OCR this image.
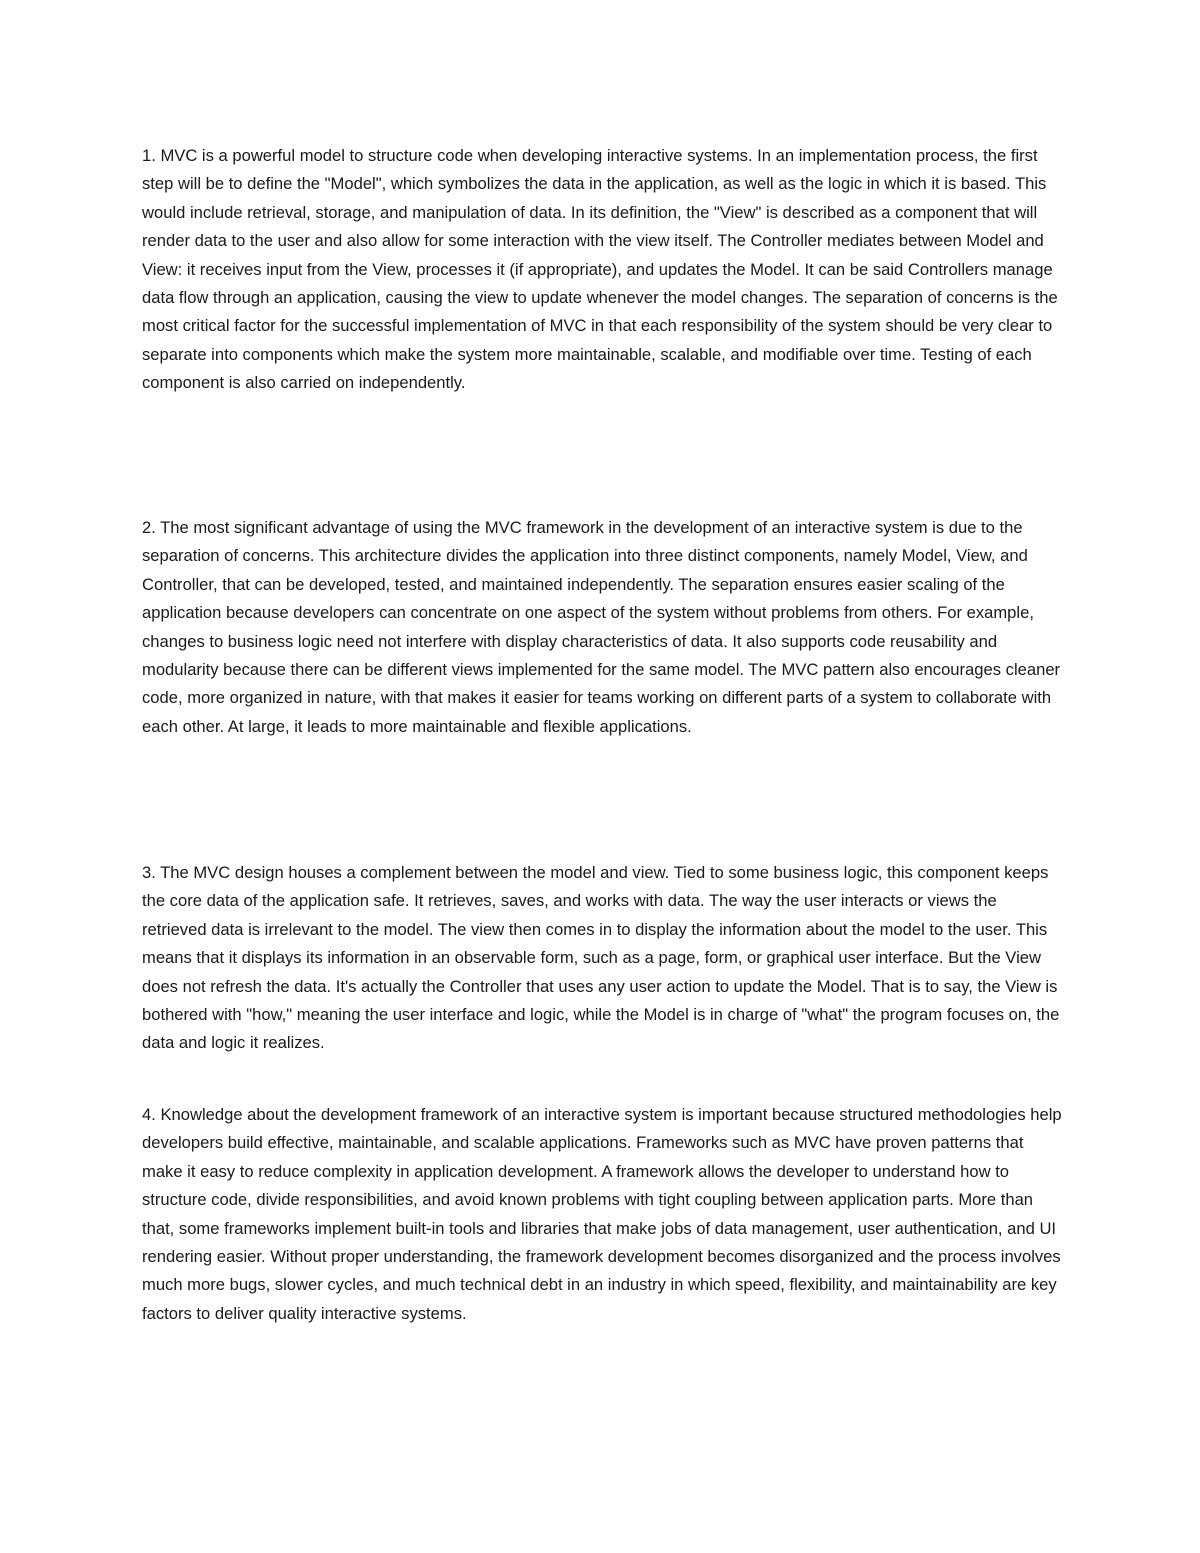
1. MVC is a powerful model to structure code when developing interactive systems. In an implementation process, the first step will be to define the "Model", which symbolizes the data in the application, as well as the logic in which it is based. This would include retrieval, storage, and manipulation of data. In its definition, the "View" is described as a component that will render data to the user and also allow for some interaction with the view itself. The Controller mediates between Model and View: it receives input from the View, processes it (if appropriate), and updates the Model. It can be said Controllers manage data flow through an application, causing the view to update whenever the model changes. The separation of concerns is the most critical factor for the successful implementation of MVC in that each responsibility of the system should be very clear to separate into components which make the system more maintainable, scalable, and modifiable over time. Testing of each component is also carried on independently.

2. The most significant advantage of using the MVC framework in the development of an interactive system is due to the separation of concerns. This architecture divides the application into three distinct components, namely Model, View, and Controller, that can be developed, tested, and maintained independently. The separation ensures easier scaling of the application because developers can concentrate on one aspect of the system without problems from others. For example, changes to business logic need not interfere with display characteristics of data. It also supports code reusability and modularity because there can be different views implemented for the same model. The MVC pattern also encourages cleaner code, more organized in nature, with that makes it easier for teams working on different parts of a system to collaborate with each other. At large, it leads to more maintainable and flexible applications.

3. The MVC design houses a complement between the model and view. Tied to some business logic, this component keeps the core data of the application safe. It retrieves, saves, and works with data. The way the user interacts or views the retrieved data is irrelevant to the model. The view then comes in to display the information about the model to the user. This means that it displays its information in an observable form, such as a page, form, or graphical user interface. But the View does not refresh the data. It's actually the Controller that uses any user action to update the Model. That is to say, the View is bothered with "how," meaning the user interface and logic, while the Model is in charge of "what" the program focuses on, the data and logic it realizes.

4. Knowledge about the development framework of an interactive system is important because structured methodologies help developers build effective, maintainable, and scalable applications. Frameworks such as MVC have proven patterns that make it easy to reduce complexity in application development. A framework allows the developer to understand how to structure code, divide responsibilities, and avoid known problems with tight coupling between application parts. More than that, some frameworks implement built-in tools and libraries that make jobs of data management, user authentication, and UI rendering easier. Without proper understanding, the framework development becomes disorganized and the process involves much more bugs, slower cycles, and much technical debt in an industry in which speed, flexibility, and maintainability are key factors to deliver quality interactive systems.
